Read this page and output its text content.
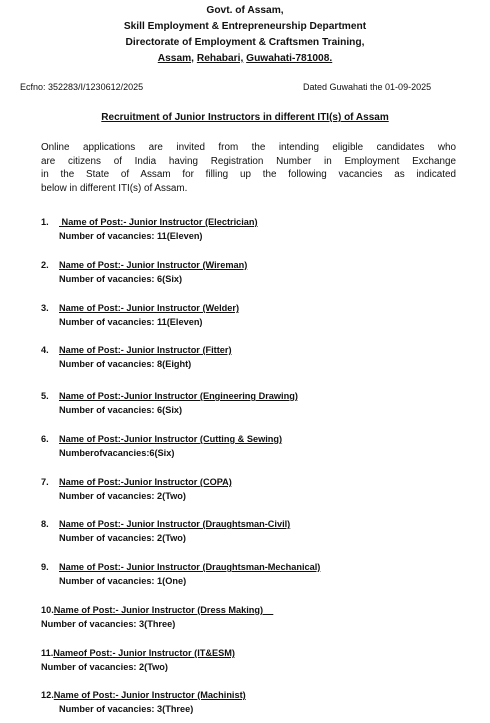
Govt. of Assam,
Skill Employment & Entrepreneurship Department
Directorate of Employment & Craftsmen Training,
Assam, Rehabari, Guwahati-781008.
Ecfno: 352283/I/1230612/2025	Dated Guwahati the 01-09-2025
Recruitment of Junior Instructors in different ITI(s) of Assam
Online applications are invited from the intending eligible candidates who
are citizens of India having Registration Number in Employment Exchange
in the State of Assam for filling up the following vacancies as indicated
below in different ITI(s) of Assam.
1. Name of Post:- Junior Instructor (Electrician)
Number of vacancies: 11(Eleven)
2. Name of Post:- Junior Instructor (Wireman)
Number of vacancies: 6(Six)
3. Name of Post:- Junior Instructor (Welder)
Number of vacancies: 11(Eleven)
4. Name of Post:- Junior Instructor (Fitter)
Number of vacancies: 8(Eight)
5. Name of Post:-Junior Instructor (Engineering Drawing)
Number of vacancies: 6(Six)
6. Name of Post:-Junior Instructor (Cutting & Sewing)
Numberofvacancies:6(Six)
7. Name of Post:-Junior Instructor (COPA)
Number of vacancies: 2(Two)
8. Name of Post:- Junior Instructor (Draughtsman-Civil)
Number of vacancies: 2(Two)
9. Name of Post:- Junior Instructor (Draughtsman-Mechanical)
Number of vacancies: 1(One)
10.Name of Post:- Junior Instructor (Dress Making)
Number of vacancies: 3(Three)
11.Nameof Post:- Junior Instructor (IT&ESM)
Number of vacancies: 2(Two)
12.Name of Post:- Junior Instructor (Machinist)
Number of vacancies: 3(Three)
